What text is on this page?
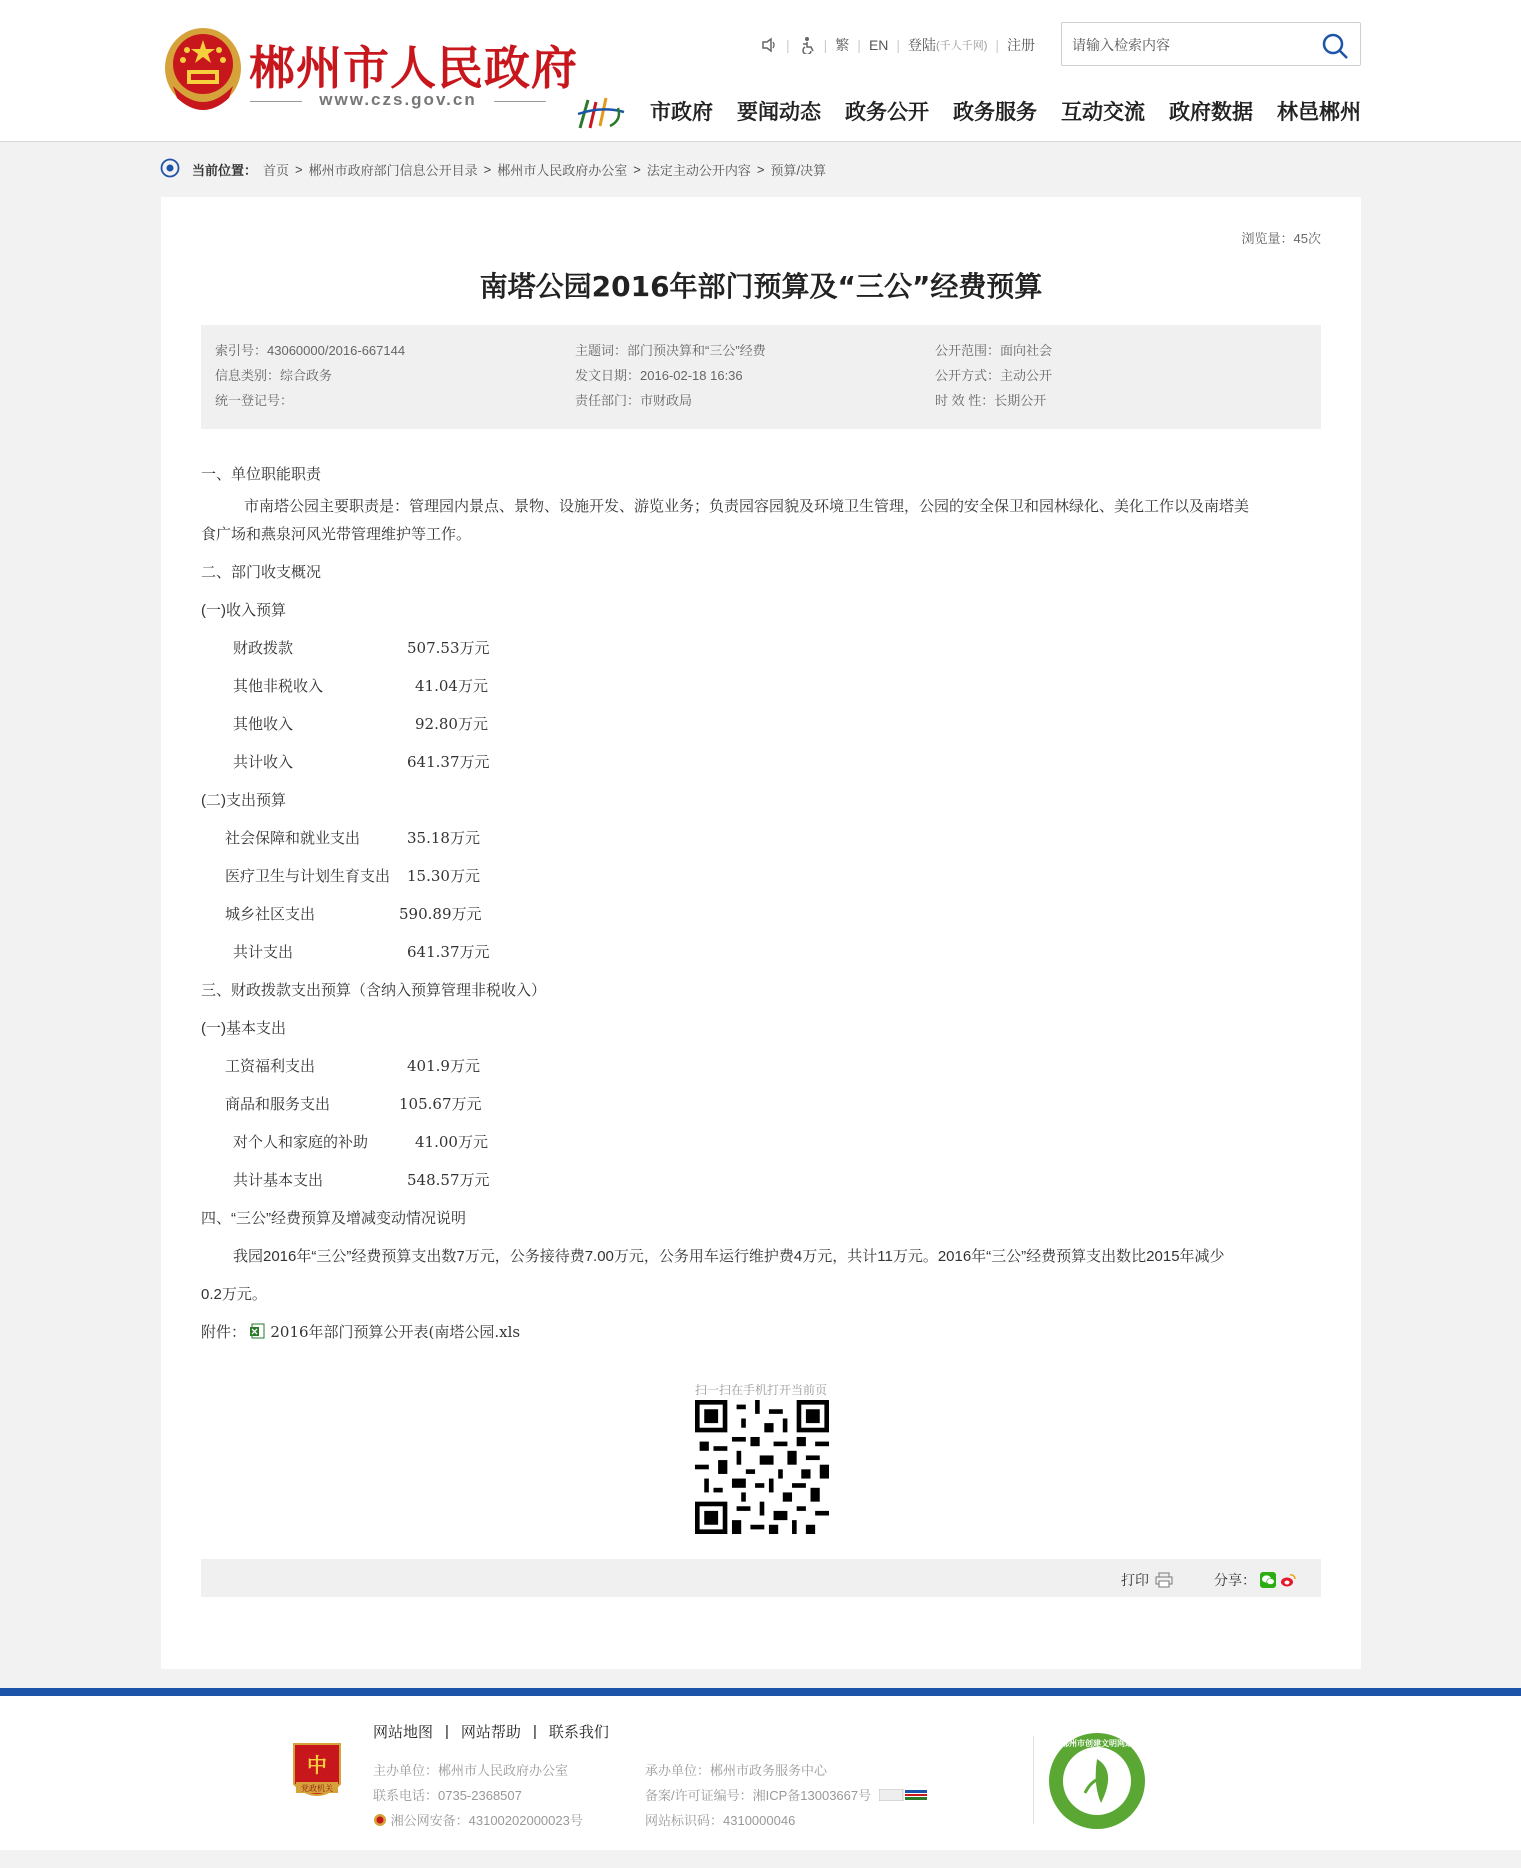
郴州市人民政府
www.czs.gov.cn
| | 繁 | EN | 登陆 (千人千网) | 注册
请输入检索内容
市政府 要闻动态 政务公开 政务服务 互动交流 政府数据 林邑郴州
当前位置： 首页 > 郴州市政府部门信息公开目录 > 郴州市人民政府办公室 > 法定主动公开内容 > 预算/决算
浏览量：45次
南塔公园2016年部门预算及“三公”经费预算
索引号：43060000/2016-667144	主题词：部门预决算和“三公”经费	公开范围：面向社会
信息类别：综合政务	发文日期：2016-02-18 16:36	公开方式：主动公开
统一登记号：	责任部门：市财政局	时 效 性：长期公开
一、单位职能职责
市南塔公园主要职责是：管理园内景点、景物、设施开发、游览业务；负责园容园貌及环境卫生管理，公园的安全保卫和园林绿化、美化工作以及南塔美
食广场和燕泉河风光带管理维护等工作。
二、部门收支概况
(一)收入预算
财政拨款	507.53万元
其他非税收入	41.04万元
其他收入	92.80万元
共计收入	641.37万元
(二)支出预算
社会保障和就业支出	35.18万元
医疗卫生与计划生育支出 15.30万元
城乡社区支出	590.89万元
共计支出	641.37万元
三、财政拨款支出预算（含纳入预算管理非税收入）
(一)基本支出
工资福利支出	401.9万元
商品和服务支出	105.67万元
对个人和家庭的补助	41.00万元
共计基本支出	548.57万元
四、“三公”经费预算及增减变动情况说明
我园2016年“三公”经费预算支出数7万元，公务接待费7.00万元，公务用车运行维护费4万元，共计11万元。2016年“三公”经费预算支出数比2015年减少
0.2万元。
附件： 2016年部门预算公开表(南塔公园.xls
扫一扫在手机打开当前页
打印	分享：
中
党政机关
网站地图 | 网站帮助 | 联系我们
主办单位：郴州市人民政府办公室	承办单位：郴州市政务服务中心
联系电话：0735-2368507	备案/许可证编号：湘ICP备13003667号
湘公网安备：43100202000023号	网站标识码：4310000046
郴州市创建文明网站
